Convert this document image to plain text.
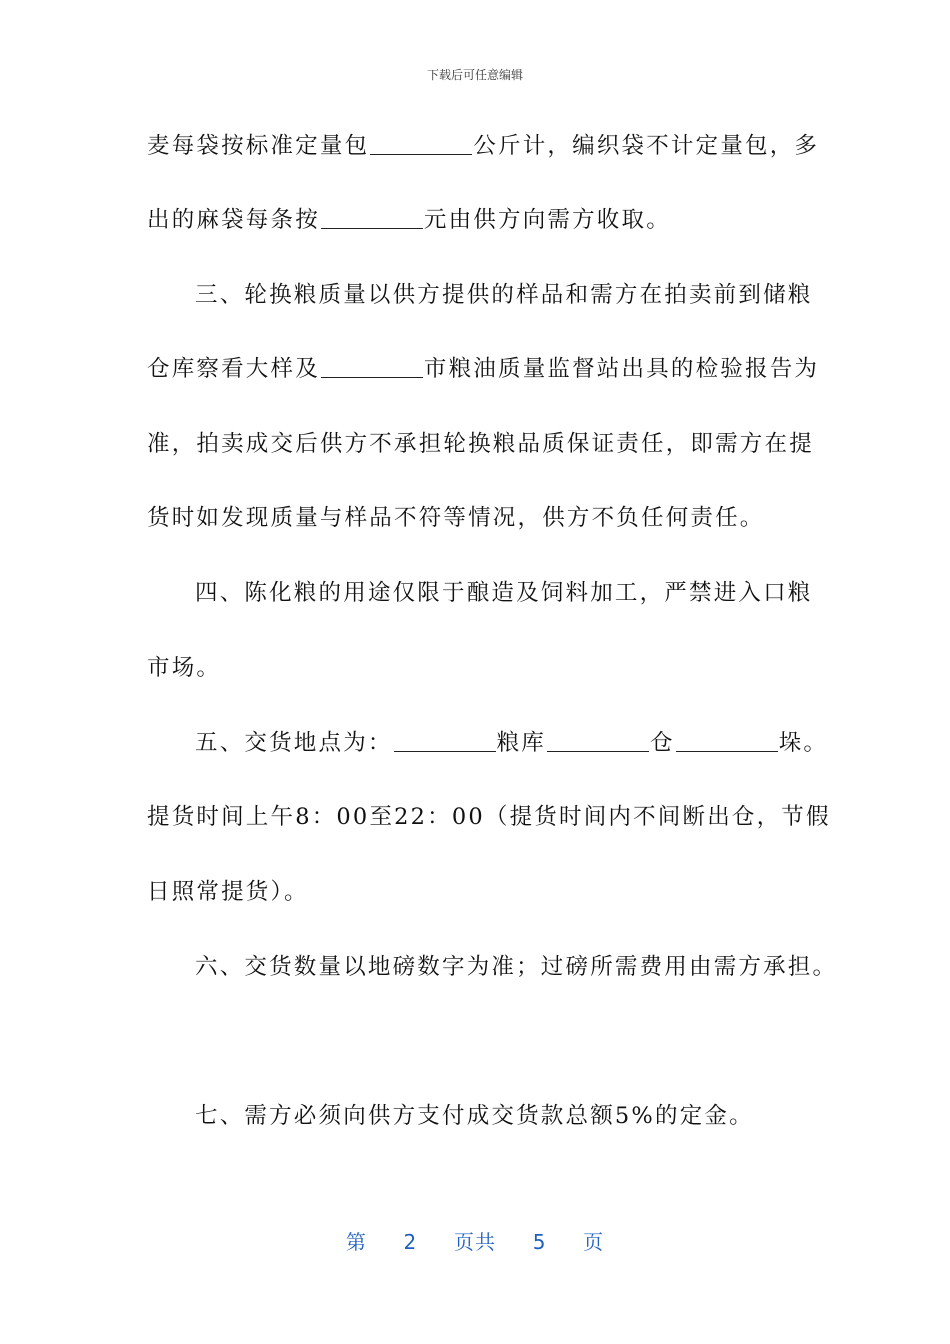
下载后可任意编辑
麦每袋按标准定量包	公斤计，编织袋不计定量包，多
出的麻袋每条按	元由供方向需方收取。
三、轮换粮质量以供方提供的样品和需方在拍卖前到储粮
仓库察看大样及	市粮油质量监督站出具的检验报告为
准，拍卖成交后供方不承担轮换粮品质保证责任，即需方在提
货时如发现质量与样品不符等情况，供方不负任何责任。
四、陈化粮的用途仅限于酿造及饲料加工，严禁进入口粮
市场。
五、交货地点为：	粮库	仓	垛。
提货时间上午8：00至22：00（提货时间内不间断出仓，节假
日照常提货）。
六、交货数量以地磅数字为准；过磅所需费用由需方承担。
七、需方必须向供方支付成交货款总额5%的定金。
第 2 页共 5 页
